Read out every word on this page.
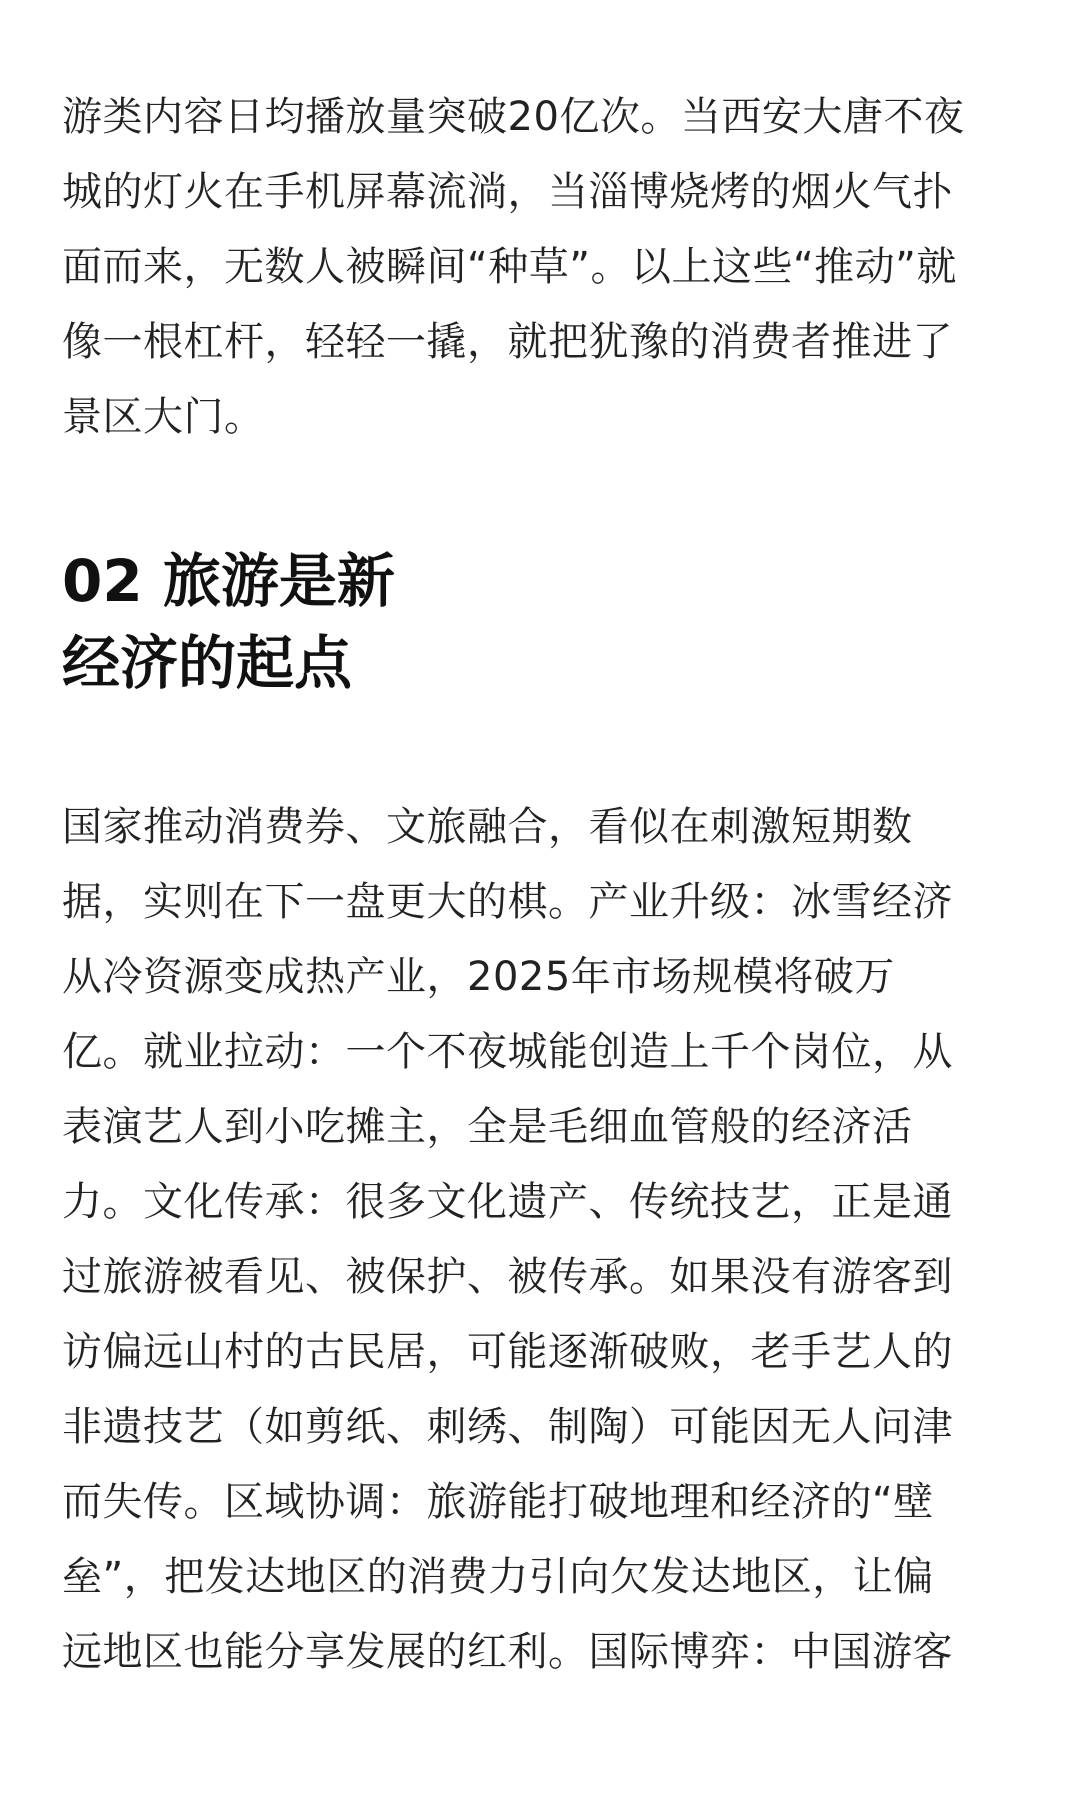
游类内容日均播放量突破20亿次。当西安大唐不夜
城的灯火在手机屏幕流淌，当淄博烧烤的烟火气扑
面而来，无数人被瞬间“种草”。以上这些“推动”就
像一根杠杆，轻轻一撬，就把犹豫的消费者推进了
景区大门。
02 旅游是新
经济的起点
国家推动消费券、文旅融合，看似在刺激短期数
据，实则在下一盘更大的棋。产业升级：冰雪经济
从冷资源变成热产业，2025年市场规模将破万
亿。就业拉动：一个不夜城能创造上千个岗位，从
表演艺人到小吃摊主，全是毛细血管般的经济活
力。文化传承：很多文化遗产、传统技艺，正是通
过旅游被看见、被保护、被传承。如果没有游客到
访偏远山村的古民居，可能逐渐破败，老手艺人的
非遗技艺（如剪纸、刺绣、制陶）可能因无人问津
而失传。区域协调：旅游能打破地理和经济的“壁
垒”，把发达地区的消费力引向欠发达地区，让偏
远地区也能分享发展的红利。国际博弈：中国游客
